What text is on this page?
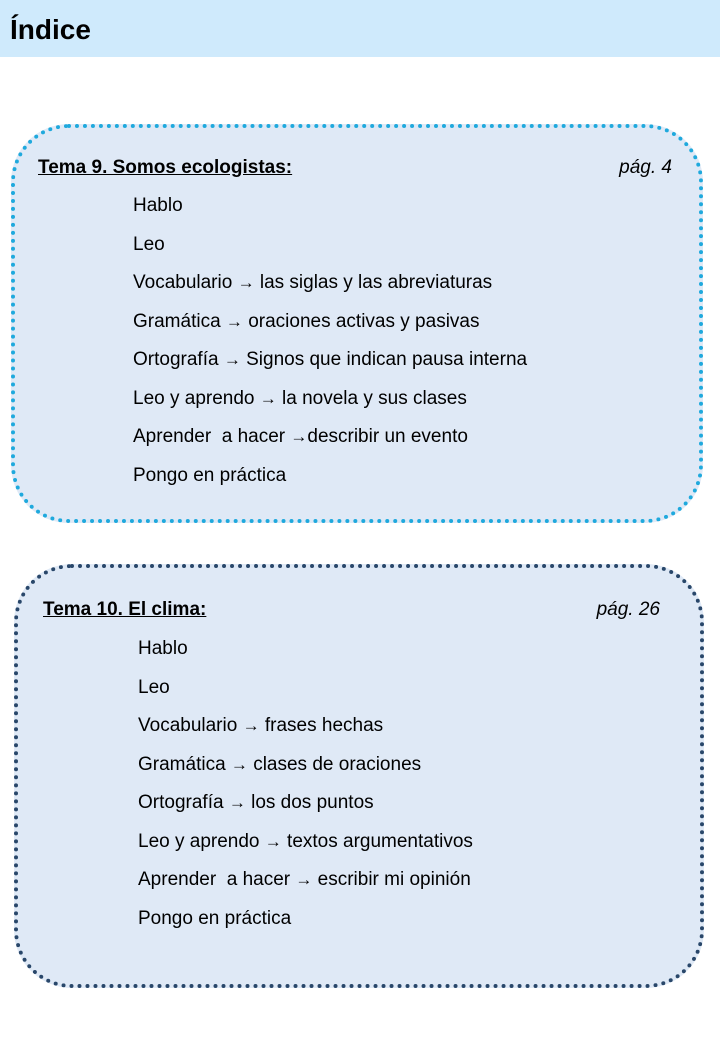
Índice
Tema 9. Somos ecologistas:	pág. 4
Hablo
Leo
Vocabulario → las siglas y las abreviaturas
Gramática → oraciones activas y pasivas
Ortografía → Signos que indican pausa interna
Leo y aprendo → la novela y sus clases
Aprender  a hacer →describir un evento
Pongo en práctica
Tema 10. El clima:	pág. 26
Hablo
Leo
Vocabulario → frases hechas
Gramática → clases de oraciones
Ortografía → los dos puntos
Leo y aprendo → textos argumentativos
Aprender  a hacer → escribir mi opinión
Pongo en práctica
